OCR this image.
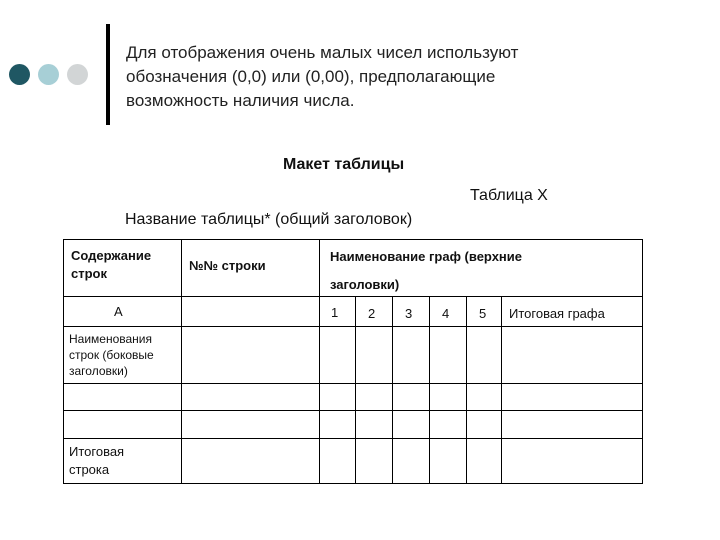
Для отображения очень малых чисел используют
обозначения (0,0) или (0,00), предполагающие
возможность наличия числа.
Макет таблицы
Таблица X
Название таблицы* (общий заголовок)
Содержание
строк
№№ строки
Наименование граф (верхние
заголовки)
А	1 2 3 4 5 Итоговая графа
Наименования
строк (боковые
заголовки)
Итоговая
строка
